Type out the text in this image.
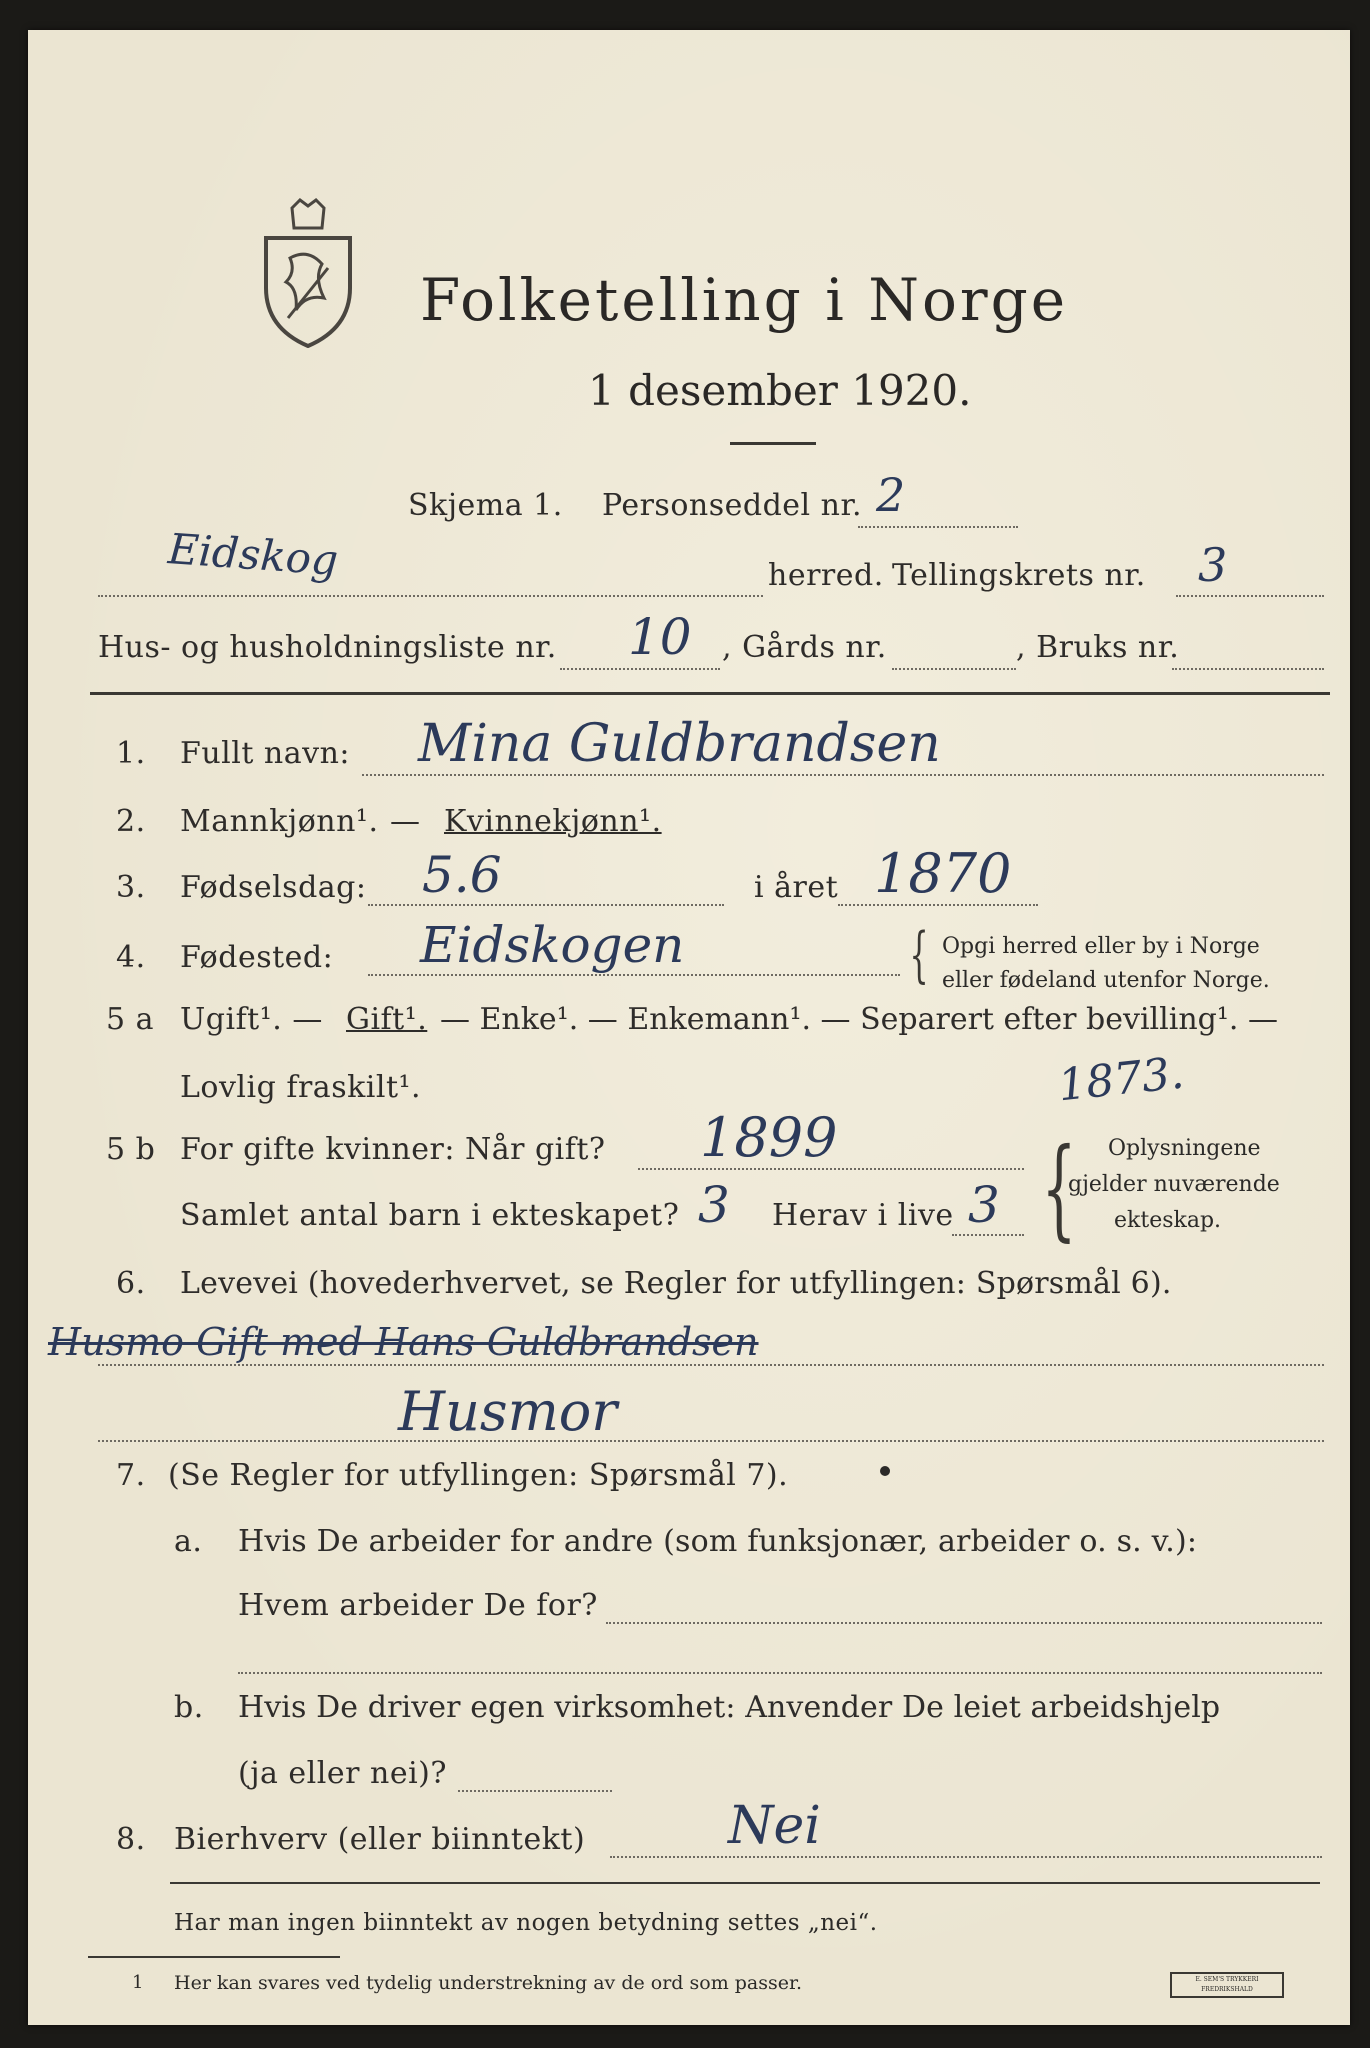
Folketelling i Norge
1 desember 1920.
Skjema 1. Personseddel nr. 2
Eidskog	herred. Tellingskrets nr. 3
Hus- og husholdningsliste nr. 10 , Gårds nr.	, Bruks nr.
1. Fullt navn: Mina Guldbrandsen
2. Mannkjønn¹. — Kvinnekjønn¹.
3. Fødselsdag: 5.6	i året 1870
4. Fødested: Eidskogen	{ Opgi herred eller by i Norge
eller fødeland utenfor Norge.
5 a Ugift¹. — Gift¹. — Enke¹. — Enkemann¹. — Separert efter bevilling¹. —
Lovlig fraskilt¹.	1873.
5 b For gifte kvinner: Når gift? 1899
Samlet antal barn i ekteskapet? 3 Herav i live 3 { Oplysningene
gjelder nuværende
ekteskap.
6. Levevei (hovederhvervet, se Regler for utfyllingen: Spørsmål 6).
Husmo Gift med Hans Guldbrandsen
Husmor
7. (Se Regler for utfyllingen: Spørsmål 7).
a. Hvis De arbeider for andre (som funksjonær, arbeider o. s. v.):
Hvem arbeider De for?
b. Hvis De driver egen virksomhet: Anvender De leiet arbeidshjelp
(ja eller nei)?
8. Bierhverv (eller biinntekt)	Nei
Har man ingen biinntekt av nogen betydning settes „nei“.
1 Her kan svares ved tydelig understrekning av de ord som passer.	E. SEM'S TRYKKERI FREDRIKSHALD
